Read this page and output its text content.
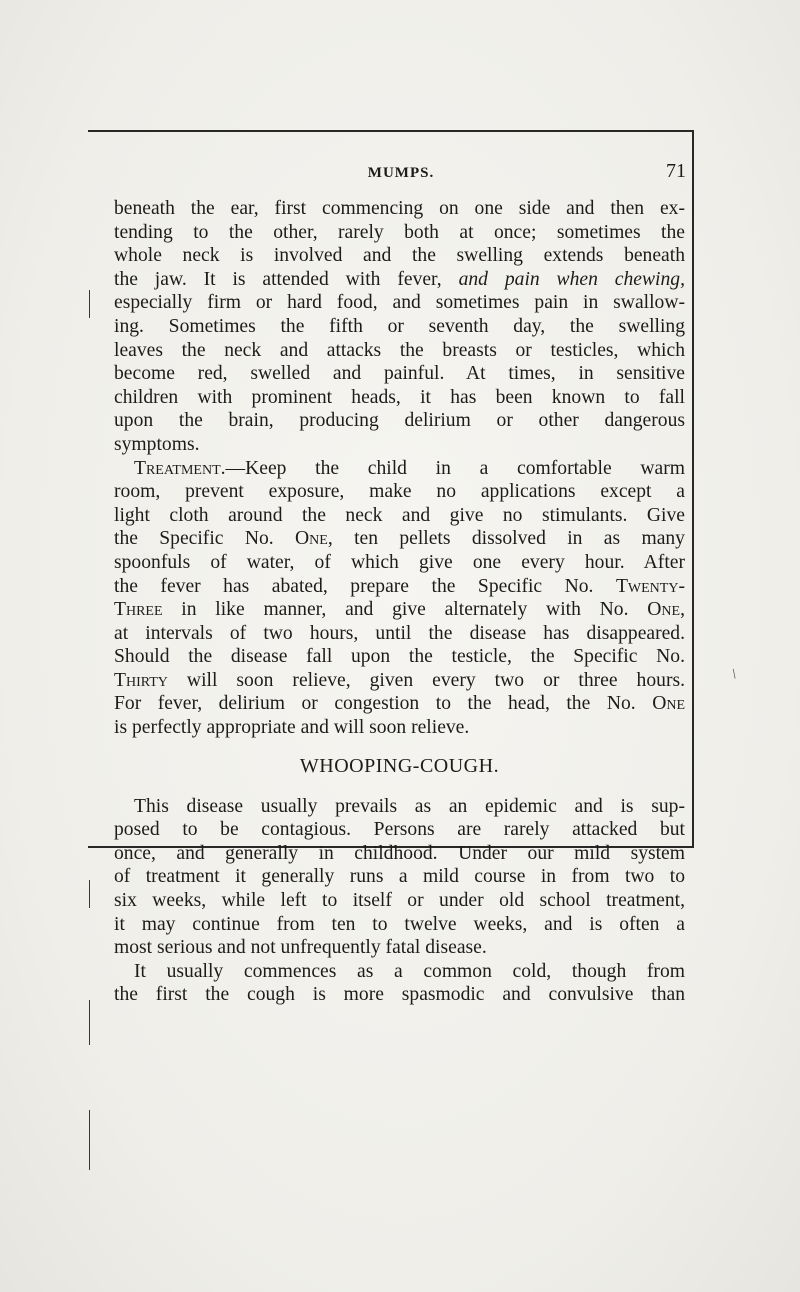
MUMPS.	71
beneath the ear, first commencing on one side and then ex-
tending to the other, rarely both at once; sometimes the
whole neck is involved and the swelling extends beneath
the jaw. It is attended with fever, and pain when chewing,
especially firm or hard food, and sometimes pain in swallow-
ing. Sometimes the fifth or seventh day, the swelling
leaves the neck and attacks the breasts or testicles, which
become red, swelled and painful. At times, in sensitive
children with prominent heads, it has been known to fall
upon the brain, producing delirium or other dangerous
symptoms.
Treatment.—Keep the child in a comfortable warm
room, prevent exposure, make no applications except a
light cloth around the neck and give no stimulants. Give
the Specific No. One, ten pellets dissolved in as many
spoonfuls of water, of which give one every hour. After
the fever has abated, prepare the Specific No. Twenty-
Three in like manner, and give alternately with No. One,
at intervals of two hours, until the disease has disappeared.
Should the disease fall upon the testicle, the Specific No.
Thirty will soon relieve, given every two or three hours.
For fever, delirium or congestion to the head, the No. One
is perfectly appropriate and will soon relieve.
WHOOPING-COUGH.
This disease usually prevails as an epidemic and is sup-
posed to be contagious. Persons are rarely attacked but
once, and generally in childhood. Under our mild system
of treatment it generally runs a mild course in from two to
six weeks, while left to itself or under old school treatment,
it may continue from ten to twelve weeks, and is often a
most serious and not unfrequently fatal disease.
It usually commences as a common cold, though from
the first the cough is more spasmodic and convulsive than
/
